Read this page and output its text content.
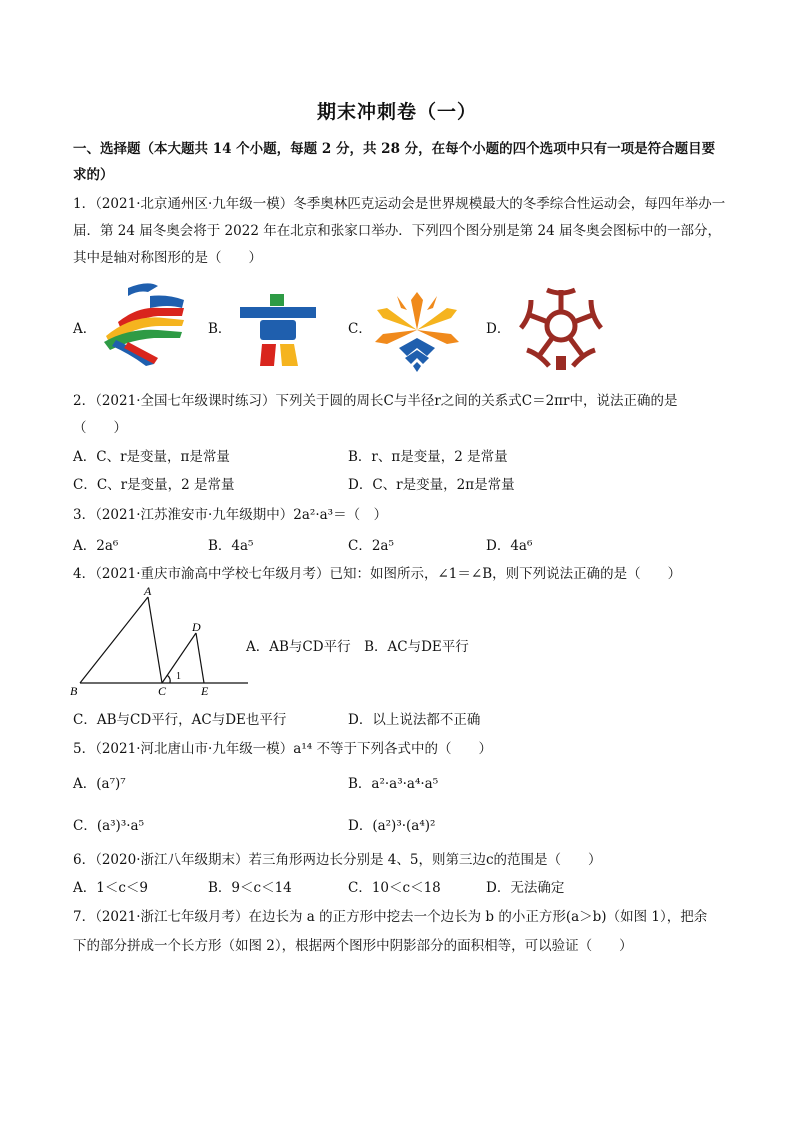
期末冲刺卷（一）
一、选择题（本大题共 14 个小题，每题 2 分，共 28 分，在每个小题的四个选项中只有一项是符合题目要
求的）
1．（2021·北京通州区·九年级一模）冬季奥林匹克运动会是世界规模最大的冬季综合性运动会，每四年举办一
届．第 24 届冬奥会将于 2022 年在北京和张家口举办．下列四个图分别是第 24 届冬奥会图标中的一部分，
其中是轴对称图形的是（　　）
A．	B．	C．	D．
2．（2021·全国七年级课时练习）下列关于圆的周长C与半径r之间的关系式C＝2πr中，说法正确的是
（　　）
A．C、r是变量，π是常量	B．r、π是变量，2 是常量
C．C、r是变量，2 是常量	D．C、r是变量，2π是常量
3．（2021·江苏淮安市·九年级期中）2a²·a³＝（　）
A．2a⁶	B．4a⁵	C．2a⁵	D．4a⁶
4．（2021·重庆市渝高中学校七年级月考）已知：如图所示，∠1＝∠B，则下列说法正确的是（　　）
A
B	C
D
E
1
A．AB与CD平行　B．AC与DE平行
C．AB与CD平行，AC与DE也平行	D．以上说法都不正确
5．（2021·河北唐山市·九年级一模）a¹⁴ 不等于下列各式中的（　　）
A．(a⁷)⁷	B．a²·a³·a⁴·a⁵
C．(a³)³·a⁵	D．(a²)³·(a⁴)²
6．（2020·浙江八年级期末）若三角形两边长分别是 4、5，则第三边c的范围是（　　）
A．1＜c＜9	B．9＜c＜14	C．10＜c＜18	D．无法确定
7．（2021·浙江七年级月考）在边长为 a 的正方形中挖去一个边长为 b 的小正方形(a＞b)（如图 1），把余
下的部分拼成一个长方形（如图 2），根据两个图形中阴影部分的面积相等，可以验证（　　）
